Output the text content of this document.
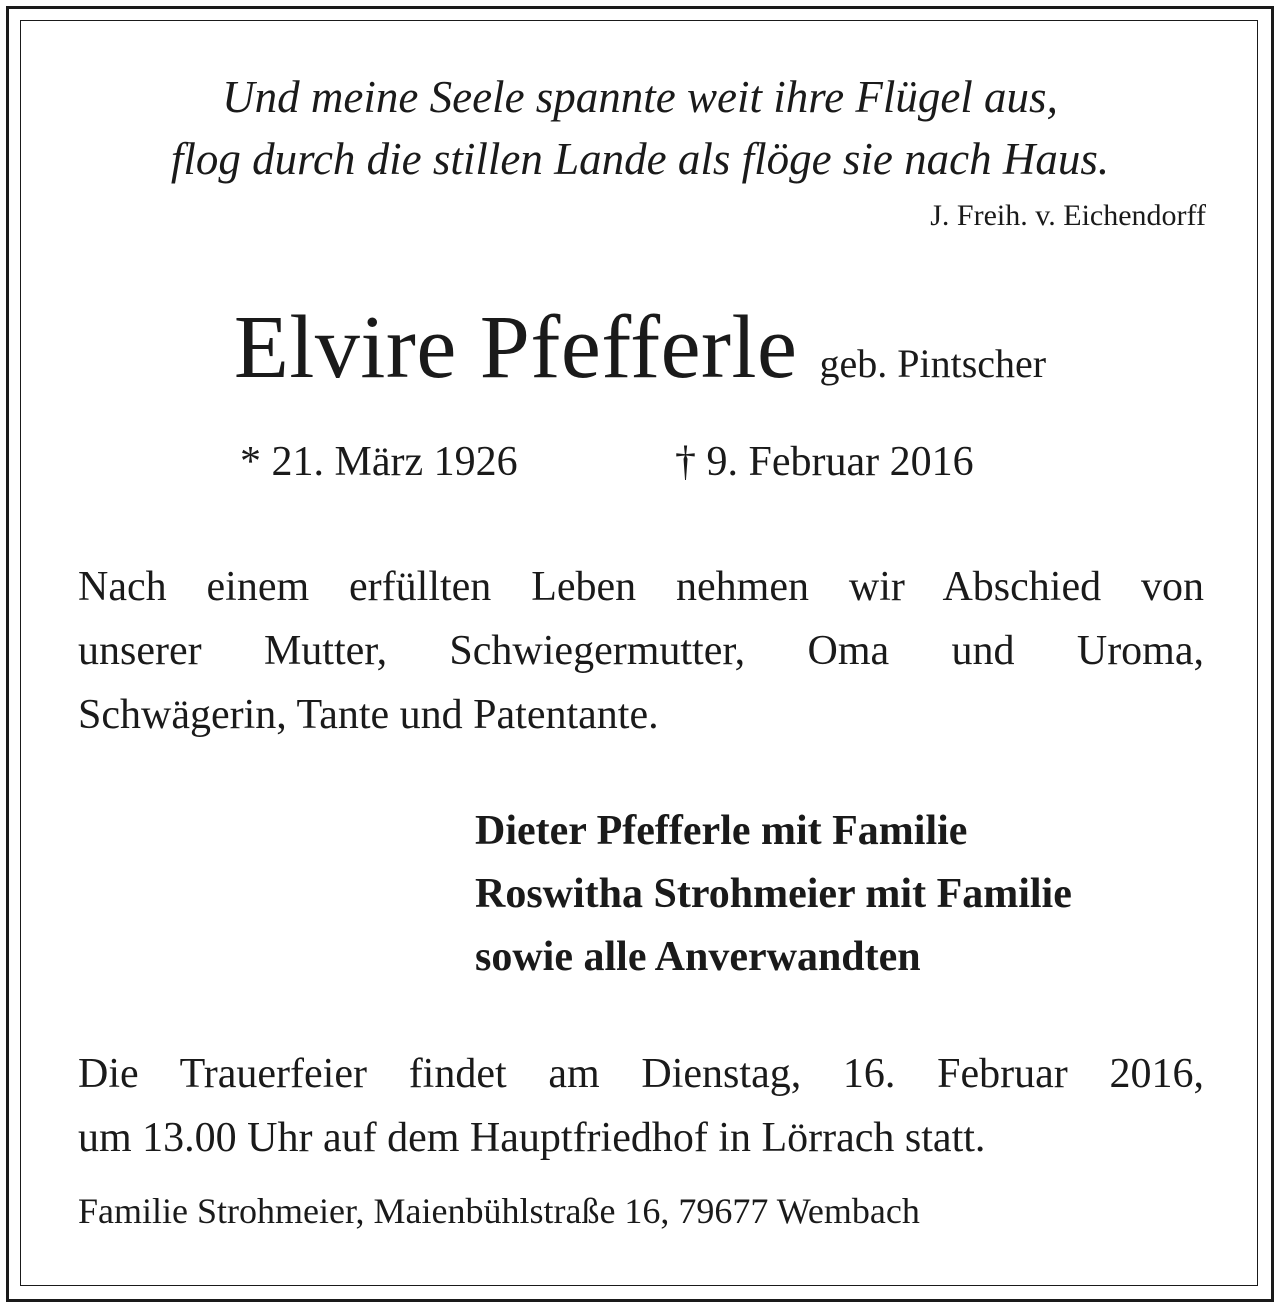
Und meine Seele spannte weit ihre Flügel aus,
flog durch die stillen Lande als flöge sie nach Haus.
J. Freih. v. Eichendorff
Elvire Pfefferle geb. Pintscher
* 21. März 1926	† 9. Februar 2016
Nach einem erfüllten Leben nehmen wir Abschied von
unserer Mutter, Schwiegermutter, Oma und Uroma,
Schwägerin, Tante und Patentante.
Dieter Pfefferle mit Familie
Roswitha Strohmeier mit Familie
sowie alle Anverwandten
Die Trauerfeier findet am Dienstag, 16. Februar 2016,
um 13.00 Uhr auf dem Hauptfriedhof in Lörrach statt.
Familie Strohmeier, Maienbühlstraße 16, 79677 Wembach
